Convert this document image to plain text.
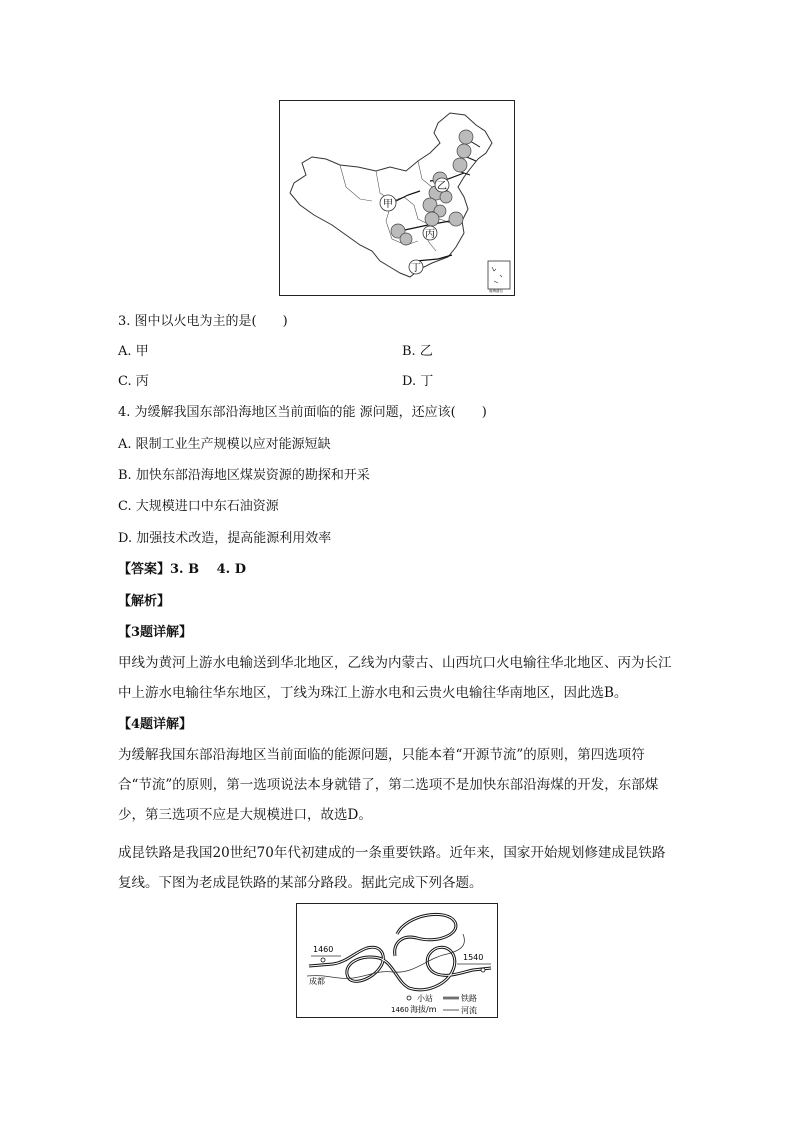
甲
乙
丙
丁
南海诸岛
3. 图中以火电为主的是(　　)
A. 甲	B. 乙
C. 丙	D. 丁
4. 为缓解我国东部沿海地区当前面临的能 源问题，还应该(　　)
A. 限制工业生产规模以应对能源短缺
B. 加快东部沿海地区煤炭资源的勘探和开采
C. 大规模进口中东石油资源
D. 加强技术改造，提高能源利用效率
【答案】3. B　 4. D
【解析】
【3题详解】
甲线为黄河上游水电输送到华北地区，乙线为内蒙古、山西坑口火电输往华北地区、丙为长江中上游水电输往华东地区，丁线为珠江上游水电和云贵火电输往华南地区，因此选B。
【4题详解】
为缓解我国东部沿海地区当前面临的能源问题，只能本着“开源节流”的原则，第四选项符合“节流”的原则，第一选项说法本身就错了，第二选项不是加快东部沿海煤的开发，东部煤少，第三选项不应是大规模进口，故选D。
成昆铁路是我国20世纪70年代初建成的一条重要铁路。近年来，国家开始规划修建成昆铁路复线。下图为老成昆铁路的某部分路段。据此完成下列各题。
1460
1540
成都
小站	铁路
1460 海拔/m	河流
